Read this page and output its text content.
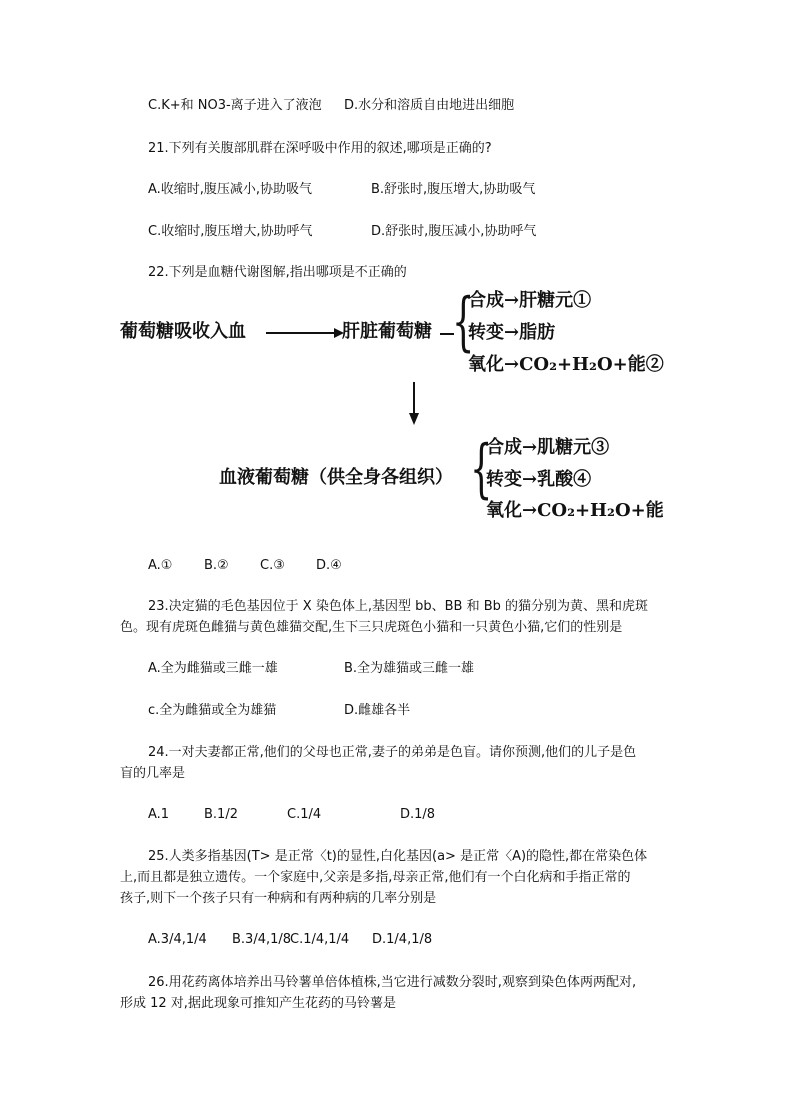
C.K+和 NO3-离子进入了液泡 D.水分和溶质自由地进出细胞
21.下列有关腹部肌群在深呼吸中作用的叙述,哪项是正确的?
A.收缩时,腹压减小,协助吸气	B.舒张时,腹压增大,协助吸气
C.收缩时,腹压增大,协助呼气	D.舒张时,腹压减小,协助呼气
22.下列是血糖代谢图解,指出哪项是不正确的
葡萄糖吸收入血	肝脏葡萄糖 {
合成→肝糖元①
转变→脂肪
氧化→CO₂+H₂O+能②
血液葡萄糖（供全身各组织） {
合成→肌糖元③
转变→乳酸④
氧化→CO₂+H₂O+能
A.① B.② C.③ D.④
23.决定猫的毛色基因位于 X 染色体上,基因型 bb、BB 和 Bb 的猫分别为黄、黑和虎斑
色。现有虎斑色雌猫与黄色雄猫交配,生下三只虎斑色小猫和一只黄色小猫,它们的性别是
A.全为雌猫或三雌一雄	B.全为雄猫或三雌一雄
c.全为雌猫或全为雄猫	D.雌雄各半
24.一对夫妻都正常,他们的父母也正常,妻子的弟弟是色盲。请你预测,他们的儿子是色
盲的几率是
A.1	B.1/2	C.1/4	D.1/8
25.人类多指基因(T> 是正常〈t)的显性,白化基因(a> 是正常〈A)的隐性,都在常染色体
上,而且都是独立遗传。一个家庭中,父亲是多指,母亲正常,他们有一个白化病和手指正常的
孩子,则下一个孩子只有一种病和有两种病的几率分别是
A.3/4,1/4 B.3/4,1/8
C.1/4,1/4 D.1/4,1/8
26.用花药离体培养出马铃薯单倍体植株,当它进行减数分裂时,观察到染色体两两配对,
形成 12 对,据此现象可推知产生花药的马铃薯是
